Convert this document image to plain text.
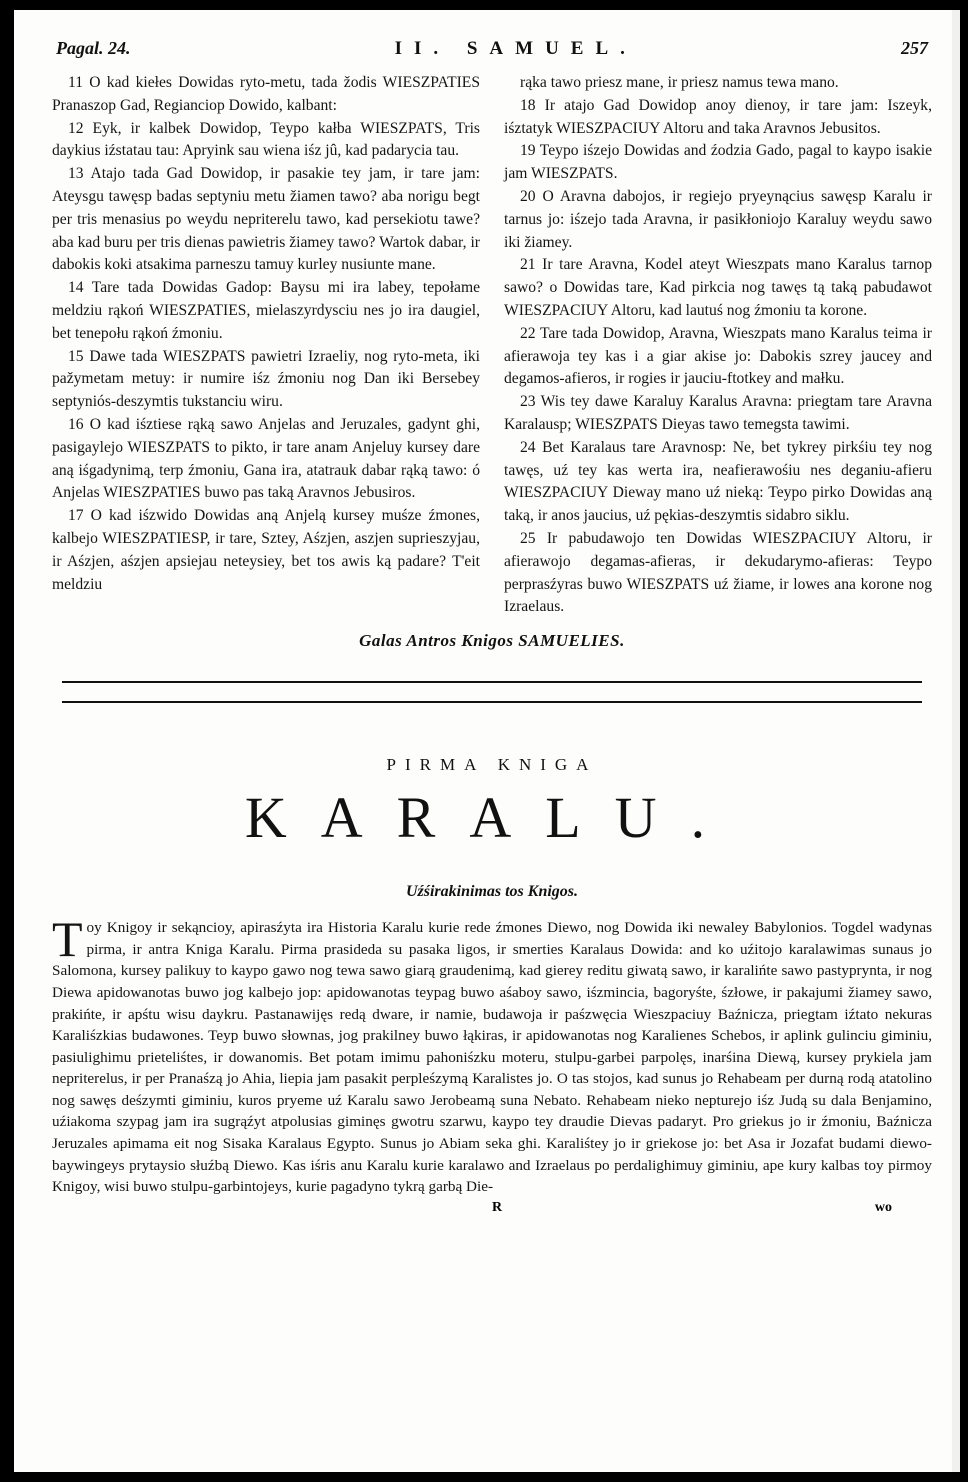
Pagal. 24.	II. SAMUEL.	257

11 O kad kiełes Dowidas ryto-metu, tada žodis WIESZPATIES Pranaszop Gad, Regianciop Dowido, kalbant:

12 Eyk, ir kalbek Dowidop, Teypo kałba WIESZPATS, Tris daykius iźstatau tau: Apryink sau wiena iśz jû, kad padarycia tau.

13 Atajo tada Gad Dowidop, ir pasakie tey jam, ir tare jam: Ateysgu tawęsp badas septyniu metu žiamen tawo? aba norigu begt per tris menasius po weydu nepriterelu tawo, kad persekiotu tawe? aba kad buru per tris dienas pawietris žiamey tawo? Wartok dabar, ir dabokis koki atsakima parneszu tamuy kurley nusiunte mane.

14 Tare tada Dowidas Gadop: Baysu mi ira labey, tepołame meldziu rąkoń WIESZPATIES, mielaszyrdysciu nes jo ira daugiel, bet tenepołu rąkoń źmoniu.

15 Dawe tada WIESZPATS pawietri Izraeliy, nog ryto-meta, iki pažymetam metuy: ir numire iśz źmoniu nog Dan iki Bersebey septyniós-deszymtis tukstanciu wiru.

16 O kad iśztiese rąką sawo Anjelas and Jeruzales, gadynt ghi, pasigaylejo WIESZPATS to pikto, ir tare anam Anjeluy kursey dare aną iśgadynimą, terp źmoniu, Gana ira, atatrauk dabar rąką tawo: ó Anjelas WIESZPATIES buwo pas taką Aravnos Jebusiros.

17 O kad iśzwido Dowidas aną Anjelą kursey muśze źmones, kalbejo WIESZPATIESP, ir tare, Sztey, Aśzjen, aszjen suprieszyjau, ir Aśzjen, aśzjen apsiejau neteysiey, bet tos awis ką padare? T'eit meldziu

rąka tawo priesz mane, ir priesz namus tewa mano.

18 Ir atajo Gad Dowidop anoy dienoy, ir tare jam: Iszeyk, iśztatyk WIESZPACIUY Altoru and taka Aravnos Jebusitos.

19 Teypo iśzejo Dowidas and źodzia Gado, pagal to kaypo isakie jam WIESZPATS.

20 O Aravna dabojos, ir regiejo pryeynącius sawęsp Karalu ir tarnus jo: iśzejo tada Aravna, ir pasikłoniojo Karaluy weydu sawo iki žiamey.

21 Ir tare Aravna, Kodel ateyt Wieszpats mano Karalus tarnop sawo? o Dowidas tare, Kad pirkcia nog tawęs tą taką pabudawot WIESZPACIUY Altoru, kad lautuś nog źmoniu ta korone.

22 Tare tada Dowidop, Aravna, Wieszpats mano Karalus teima ir afierawoja tey kas i a giar akise jo: Dabokis szrey jaucey and degamos-afieros, ir rogies ir jauciu-ftotkey and małku.

23 Wis tey dawe Karaluy Karalus Aravna: priegtam tare Aravna Karalausp; WIESZPATS Dieyas tawo temegsta tawimi.

24 Bet Karalaus tare Aravnosp: Ne, bet tykrey pirkśiu tey nog tawęs, uź tey kas werta ira, neafierawośiu nes deganiu-afieru WIESZPACIUY Dieway mano uź nieką: Teypo pirko Dowidas aną taką, ir anos jaucius, uź pękias-deszymtis sidabro siklu.

25 Ir pabudawojo ten Dowidas WIESZPACIUY Altoru, ir afierawojo degamas-afieras, ir dekudarymo-afieras: Teypo perprasźyras buwo WIESZPATS uź žiame, ir lowes ana korone nog Izraelaus.

Galas Antros Knigos SAMUELIES.
PIRMA KNIGA
KARALU.
Uźśirakinimas tos Knigos.
T oy Knigoy ir sekąncioy, apirasźyta ira Historia Karalu kurie rede źmones Diewo, nog Dowida iki newaley Babylonios. Togdel wadynas pirma, ir antra Kniga Karalu. Pirma prasideda su pasaka ligos, ir smerties Karalaus Dowida: and ko uźitojo karalawimas sunaus jo Salomona, kursey palikuy to kaypo gawo nog tewa sawo giarą graudenimą, kad gierey reditu giwatą sawo, ir karalińte sawo pastyprynta, ir nog Diewa apidowanotas buwo jog kalbejo jop: apidowanotas teypag buwo aśaboy sawo, iśzmincia, bagoryśte, śzłowe, ir pakajumi žiamey sawo, prakińte, ir apśtu wisu daykru. Pastanawijęs redą dware, ir namie, budawoja ir paśzwęcia Wieszpaciuy Baźnicza, priegtam iźtato nekuras Karaliśzkias budawones. Teyp buwo słownas, jog prakilney buwo łąkiras, ir apidowanotas nog Karalienes Schebos, ir aplink gulinciu giminiu, pasiulighimu prieteliśtes, ir dowanomis. Bet potam imimu pahoniśzku moteru, stulpu-garbei parpolęs, inarśina Diewą, kursey prykiela jam nepriterelus, ir per Pranaśzą jo Ahia, liepia jam pasakit perpleśzymą Karalistes jo. O tas stojos, kad sunus jo Rehabeam per durną rodą atatolino nog sawęs deśzymti giminiu, kuros pryeme uź Karalu sawo Jerobeamą suna Nebato. Rehabeam nieko nepturejo iśz Judą su dala Benjamino, uźiakoma szypag jam ira sugrąźyt atpolusias giminęs gwotru szarwu, kaypo tey draudie Dievas padaryt. Pro griekus jo ir źmoniu, Baźnicza Jeruzales apimama eit nog Sisaka Karalaus Egypto. Sunus jo Abiam seka ghi. Karaliśtey jo ir griekose jo: bet Asa ir Jozafat budami diewo-baywingeys prytaysio słuźbą Diewo. Kas iśris anu Karalu kurie karalawo and Izraelaus po perdalighimuy giminiu, ape kury kalbas toy pirmoy Knigoy, wisi buwo stulpu-garbintojeys, kurie pagadyno tykrą garbą Die-
R	wo
